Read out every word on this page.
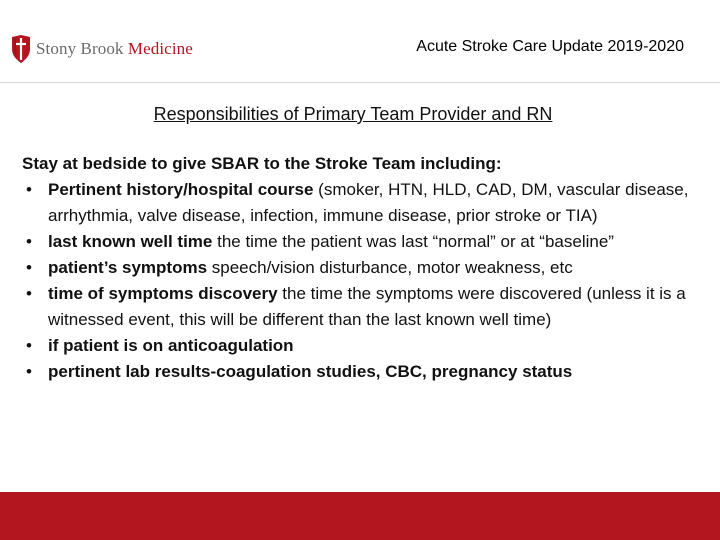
Stony Brook Medicine	Acute Stroke Care Update 2019-2020
Responsibilities of Primary Team Provider and RN
Stay at bedside to give SBAR to the Stroke Team including:
• Pertinent history/hospital course (smoker, HTN, HLD, CAD, DM, vascular disease, arrhythmia, valve disease, infection, immune disease, prior stroke or TIA)
• last known well time the time the patient was last “normal” or at “baseline”
• patient’s symptoms speech/vision disturbance, motor weakness, etc
• time of symptoms discovery the time the symptoms were discovered (unless it is a witnessed event, this will be different than the last known well time)
• if patient is on anticoagulation
• pertinent lab results-coagulation studies, CBC, pregnancy status
